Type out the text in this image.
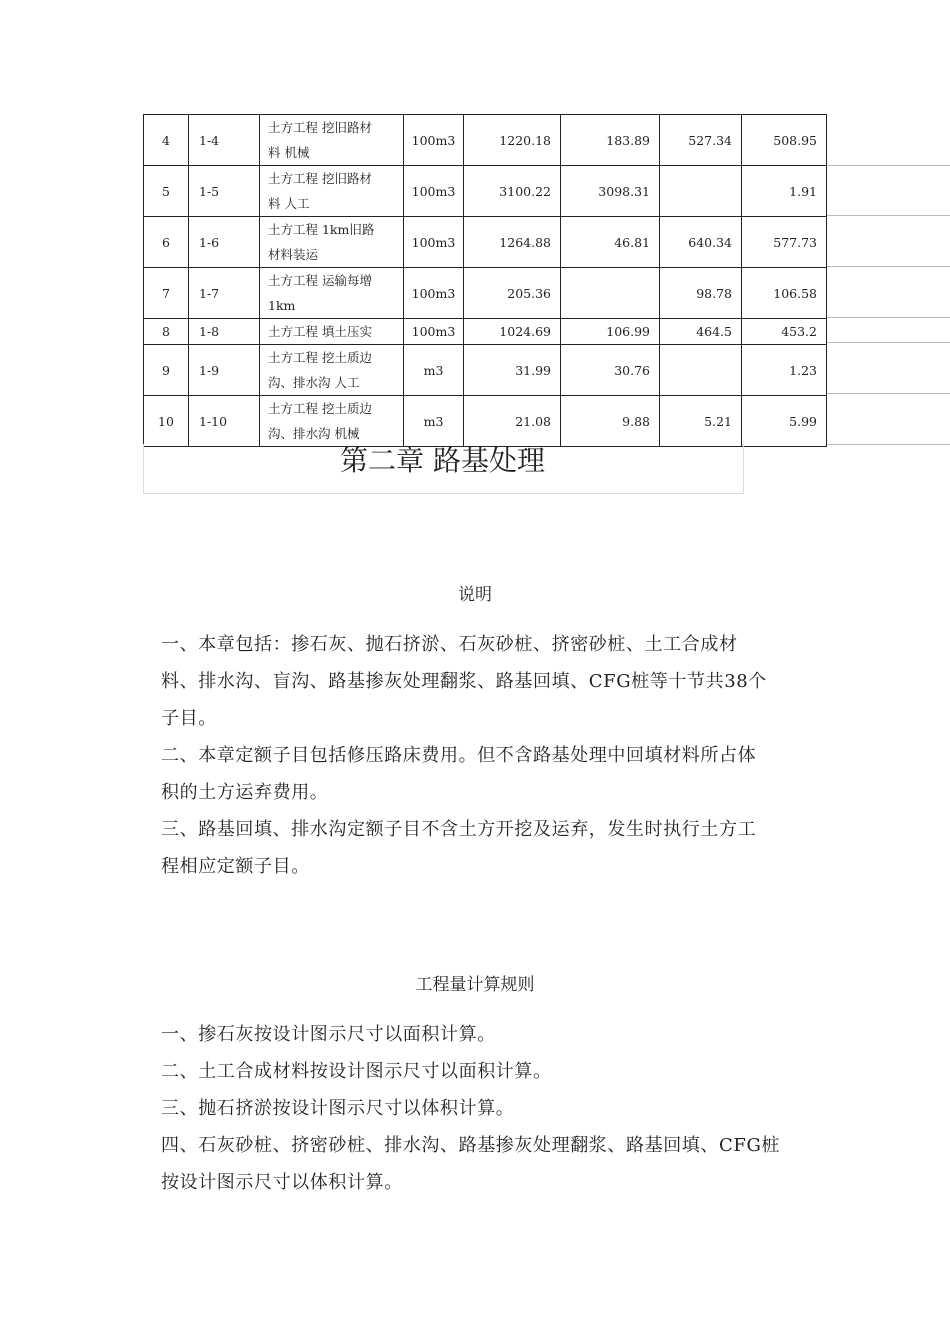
4	1-4	土方工程 挖旧路材
料 机械	100m3	1220.18	183.89	527.34	508.95
5	1-5	土方工程 挖旧路材
料 人工	100m3	3100.22	3098.31		1.91
6	1-6	土方工程 1km旧路
材料装运	100m3	1264.88	46.81	640.34	577.73
7	1-7	土方工程 运输每增
1km	100m3	205.36		98.78	106.58
8	1-8	土方工程 填土压实	100m3	1024.69	106.99	464.5	453.2
9	1-9	土方工程 挖土质边
沟、排水沟 人工	m3	31.99	30.76		1.23
10	1-10	土方工程 挖土质边
沟、排水沟 机械	m3	21.08	9.88	5.21	5.99
第二章 路基处理
说明

一、本章包括：掺石灰、抛石挤淤、石灰砂桩、挤密砂桩、土工合成材
料、排水沟、盲沟、路基掺灰处理翻浆、路基回填、CFG桩等十节共38个
子目。

二、本章定额子目包括修压路床费用。但不含路基处理中回填材料所占体
积的土方运弃费用。

三、路基回填、排水沟定额子目不含土方开挖及运弃，发生时执行土方工
程相应定额子目。

工程量计算规则

一、掺石灰按设计图示尺寸以面积计算。

二、土工合成材料按设计图示尺寸以面积计算。

三、抛石挤淤按设计图示尺寸以体积计算。

四、石灰砂桩、挤密砂桩、排水沟、路基掺灰处理翻浆、路基回填、CFG桩
按设计图示尺寸以体积计算。
